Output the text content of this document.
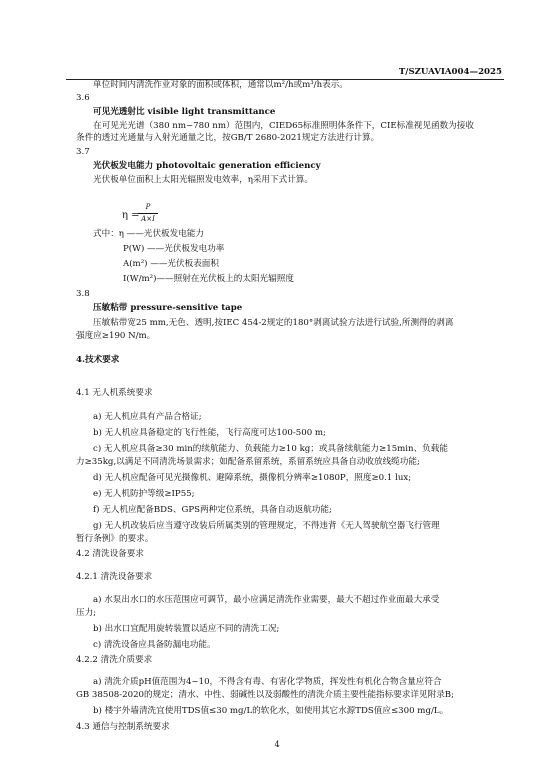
T/SZUAVIA004—2025
单位时间内清洗作业对象的面积或体积，通常以m²/h或m³/h表示。
3.6
可见光透射比 visible light transmittance
在可见光光谱（380 nm~780 nm）范围内，CIED65标准照明体条件下，CIE标准视见函数为接收
条件的透过光通量与入射光通量之比，按GB/T 2680-2021规定方法进行计算。
3.7
光伏板发电能力 photovoltaic generation efficiency
光伏板单位面积上太阳光辐照发电效率，η采用下式计算。
式中：η ——光伏板发电能力
P(W) ——光伏板发电功率
A(m²) ——光伏板表面积
I(W/m²)——照射在光伏板上的太阳光辐照度
3.8
压敏粘带 pressure-sensitive tape
压敏粘带宽25 mm,无色、透明,按IEC 454-2规定的180°剥离试验方法进行试验,所测得的剥离
强度应≥190 N/m。
4.技术要求
4.1 无人机系统要求
a) 无人机应具有产品合格证;
b) 无人机应具备稳定的飞行性能，飞行高度可达100-500 m;
c) 无人机应具备≥30 min的续航能力、负载能力≥10 kg；或具备续航能力≥15min、负载能
力≥35kg,以满足不同清洗场景需求；如配备系留系统，系留系统应具备自动收放线缆功能;
d) 无人机应配备可见光摄像机、避障系统，摄像机分辨率≥1080P，照度≥0.1 lux;
e) 无人机防护等级≥IP55;
f) 无人机应配备BDS、GPS两种定位系统，具备自动返航功能;
g) 无人机改装后应当遵守改装后所属类别的管理规定，不得违背《无人驾驶航空器飞行管理
暂行条例》的要求。
4.2 清洗设备要求
4.2.1 清洗设备要求
a) 水泵出水口的水压范围应可调节，最小应满足清洗作业需要，最大不超过作业面最大承受
压力;
b) 出水口宜配用旋转装置以适应不同的清洗工况;
c) 清洗设备应具备防漏电功能。
4.2.2 清洗介质要求
a) 清洗介质pH值范围为4~10，不得含有毒、有害化学物质，挥发性有机化合物含量应符合
GB 38508-2020的规定；清水、中性、弱碱性以及弱酸性的清洗介质主要性能指标要求详见附录B;
b) 楼宇外墙清洗宜使用TDS值≤30 mg/L的软化水，如使用其它水源TDS值应≤300 mg/L。
4.3 通信与控制系统要求
η =
P
A×I
4
